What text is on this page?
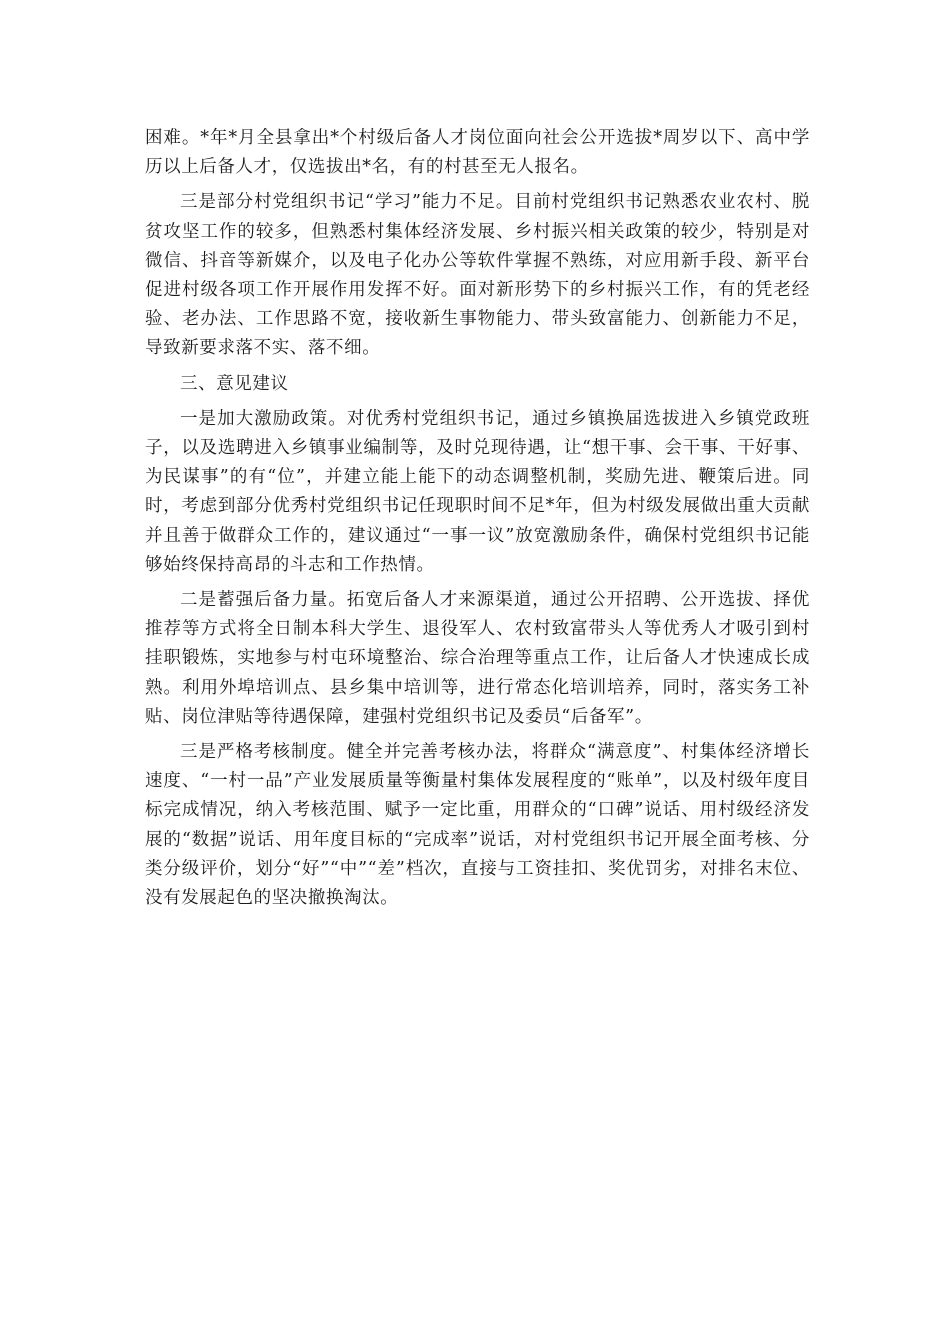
困难。*年*月全县拿出*个村级后备人才岗位面向社会公开选拔*周岁以下、高中学历以上后备人才，仅选拔出*名，有的村甚至无人报名。

三是部分村党组织书记“学习”能力不足。目前村党组织书记熟悉农业农村、脱贫攻坚工作的较多，但熟悉村集体经济发展、乡村振兴相关政策的较少，特别是对微信、抖音等新媒介，以及电子化办公等软件掌握不熟练，对应用新手段、新平台促进村级各项工作开展作用发挥不好。面对新形势下的乡村振兴工作，有的凭老经验、老办法、工作思路不宽，接收新生事物能力、带头致富能力、创新能力不足，导致新要求落不实、落不细。

三、意见建议

一是加大激励政策。对优秀村党组织书记，通过乡镇换届选拔进入乡镇党政班子，以及选聘进入乡镇事业编制等，及时兑现待遇，让“想干事、会干事、干好事、为民谋事”的有“位”，并建立能上能下的动态调整机制，奖励先进、鞭策后进。同时，考虑到部分优秀村党组织书记任现职时间不足*年，但为村级发展做出重大贡献并且善于做群众工作的，建议通过“一事一议”放宽激励条件，确保村党组织书记能够始终保持高昂的斗志和工作热情。

二是蓄强后备力量。拓宽后备人才来源渠道，通过公开招聘、公开选拔、择优推荐等方式将全日制本科大学生、退役军人、农村致富带头人等优秀人才吸引到村挂职锻炼，实地参与村屯环境整治、综合治理等重点工作，让后备人才快速成长成熟。利用外埠培训点、县乡集中培训等，进行常态化培训培养，同时，落实务工补贴、岗位津贴等待遇保障，建强村党组织书记及委员“后备军”。

三是严格考核制度。健全并完善考核办法，将群众“满意度”、村集体经济增长速度、“一村一品”产业发展质量等衡量村集体发展程度的“账单”，以及村级年度目标完成情况，纳入考核范围、赋予一定比重，用群众的“口碑”说话、用村级经济发展的“数据”说话、用年度目标的“完成率”说话，对村党组织书记开展全面考核、分类分级评价，划分“好”“中”“差”档次，直接与工资挂扣、奖优罚劣，对排名末位、没有发展起色的坚决撤换淘汰。
